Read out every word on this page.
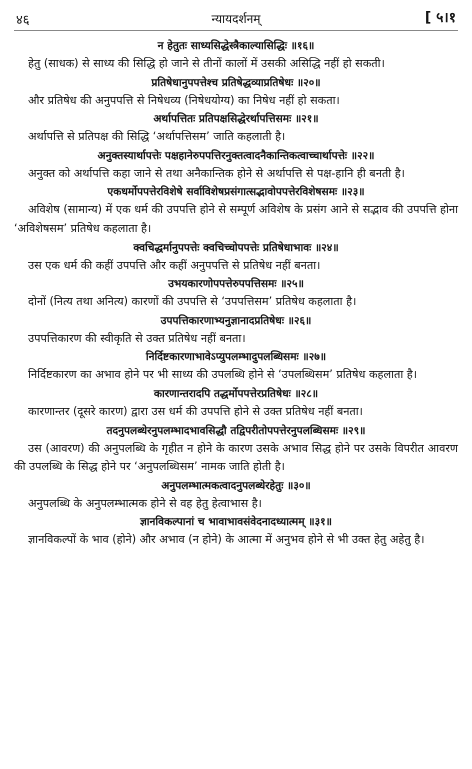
४६	न्यायदर्शनम्	[ ५।१
न हेतुतः साध्यसिद्धेस्त्रैकाल्यासिद्धिः ॥१६॥

हेतु (साधक) से साध्य की सिद्धि हो जाने से तीनों कालों में उसकी असिद्धि नहीं हो सकती।

प्रतिषेधानुपपत्तेश्च प्रतिषेद्धव्याप्रतिषेधः ॥२०॥

और प्रतिषेध की अनुपपत्ति से निषेधव्य (निषेधयोग्य) का निषेध नहीं हो सकता।

अर्थापत्तितः प्रतिपक्षसिद्धेरर्थापत्तिसमः ॥२१॥

अर्थापत्ति से प्रतिपक्ष की सिद्धि ‘अर्थापत्तिसम’ जाति कहलाती है।

अनुक्तस्यार्थापत्तेः पक्षहानेरुपपत्तिरनुक्तत्वादनैकान्तिकत्वाच्चार्थापत्तेः ॥२२॥

अनुक्त को अर्थापत्ति कहा जाने से तथा अनैकान्तिक होने से अर्थापत्ति से पक्ष-हानि ही बनती है।

एकधर्मोपपत्तेरविशेषे सर्वाविशेषप्रसंगात्सद्भावोपपत्तेरविशेषसमः ॥२३॥

अविशेष (सामान्य) में एक धर्म की उपपत्ति होने से सम्पूर्ण अविशेष के प्रसंग आने से सद्भाव की उपपत्ति होना ‘अविशेषसम’ प्रतिषेध कहलाता है।

क्वचिद्धर्मानुपपत्तेः क्वचिच्चोपपत्तेः प्रतिषेधाभावः ॥२४॥

उस एक धर्म की कहीं उपपत्ति और कहीं अनुपपत्ति से प्रतिषेध नहीं बनता।

उभयकारणोपपत्तेरुपपत्तिसमः ॥२५॥

दोनों (नित्य तथा अनित्य) कारणों की उपपत्ति से ‘उपपत्तिसम’ प्रतिषेध कहलाता है।

उपपत्तिकारणाभ्यनुज्ञानादप्रतिषेधः ॥२६॥

उपपत्तिकारण की स्वीकृति से उक्त प्रतिषेध नहीं बनता।

निर्दिष्टकारणाभावेऽप्युपलम्भादुपलब्धिसमः ॥२७॥

निर्दिष्टकारण का अभाव होने पर भी साध्य की उपलब्धि होने से ‘उपलब्धिसम’ प्रतिषेध कहलाता है।

कारणान्तरादपि तद्धर्मोपपत्तेरप्रतिषेधः ॥२८॥

कारणान्तर (दूसरे कारण) द्वारा उस धर्म की उपपत्ति होने से उक्त प्रतिषेध नहीं बनता।

तदनुपलब्धेरनुपलम्भादभावसिद्धौ तद्विपरीतोपपत्तेरनुपलब्धिसमः ॥२९॥

उस (आवरण) की अनुपलब्धि के गृहीत न होने के कारण उसके अभाव सिद्ध होने पर उसके विपरीत आवरण की उपलब्धि के सिद्ध होने पर ‘अनुपलब्धिसम’ नामक जाति होती है।

अनुपलम्भात्मकत्वादनुपलब्धेरहेतुः ॥३०॥

अनुपलब्धि के अनुपलम्भात्मक होने से वह हेतु हेत्वाभास है।

ज्ञानविकल्पानां च भावाभावसंवेदनादध्यात्मम् ॥३१॥

ज्ञानविकल्पों के भाव (होने) और अभाव (न होने) के आत्मा में अनुभव होने से भी उक्त हेतु अहेतु है।
